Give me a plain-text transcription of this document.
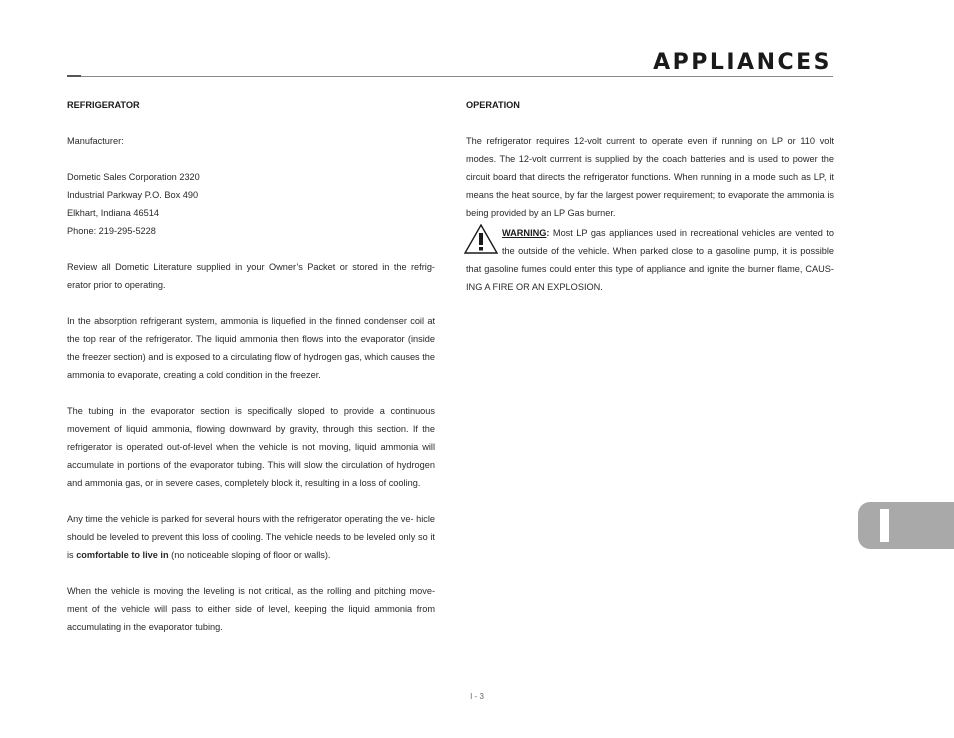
APPLIANCES
REFRIGERATOR

Manufacturer:

Dometic Sales Corporation 2320

Industrial Parkway P.O. Box 490

Elkhart, Indiana 46514

Phone: 219-295-5228

Review all Dometic Literature supplied in your Owner’s Packet or stored in the refrig- erator prior to operating.

In the absorption refrigerant system, ammonia is liquefied in the finned condenser coil at the top rear of the refrigerator. The liquid ammonia then flows into the evaporator (inside the freezer section) and is exposed to a circulating flow of hydrogen gas, which causes the ammonia to evaporate, creating a cold condition in the freezer.

The tubing in the evaporator section is specifically sloped to provide a continuous movement of liquid ammonia, flowing downward by gravity, through this section. If the refrigerator is operated out-of-level when the vehicle is not moving, liquid ammonia will accumulate in portions of the evaporator tubing. This will slow the circulation of hydrogen and ammonia gas, or in severe cases, completely block it, resulting in a loss of cooling.

Any time the vehicle is parked for several hours with the refrigerator operating the ve- hicle should be leveled to prevent this loss of cooling. The vehicle needs to be leveled only so it is comfortable to live in (no noticeable sloping of floor or walls).

When the vehicle is moving the leveling is not critical, as the rolling and pitching move- ment of the vehicle will pass to either side of level, keeping the liquid ammonia from accumulating in the evaporator tubing.

OPERATION

The refrigerator requires 12-volt current to operate even if running on LP or 110 volt modes. The 12-volt currrent is supplied by the coach batteries and is used to power the circuit board that directs the refrigerator functions. When running in a mode such as LP, it means the heat source, by far the largest power requirement; to evaporate the ammonia is being provided by an LP Gas burner.

WARNING: Most LP gas appliances used in recreational vehicles are vented to the outside of the vehicle. When parked close to a gasoline pump, it is possible that gasoline fumes could enter this type of appliance and ignite the burner flame, CAUS- ING A FIRE OR AN EXPLOSION.

I - 3
